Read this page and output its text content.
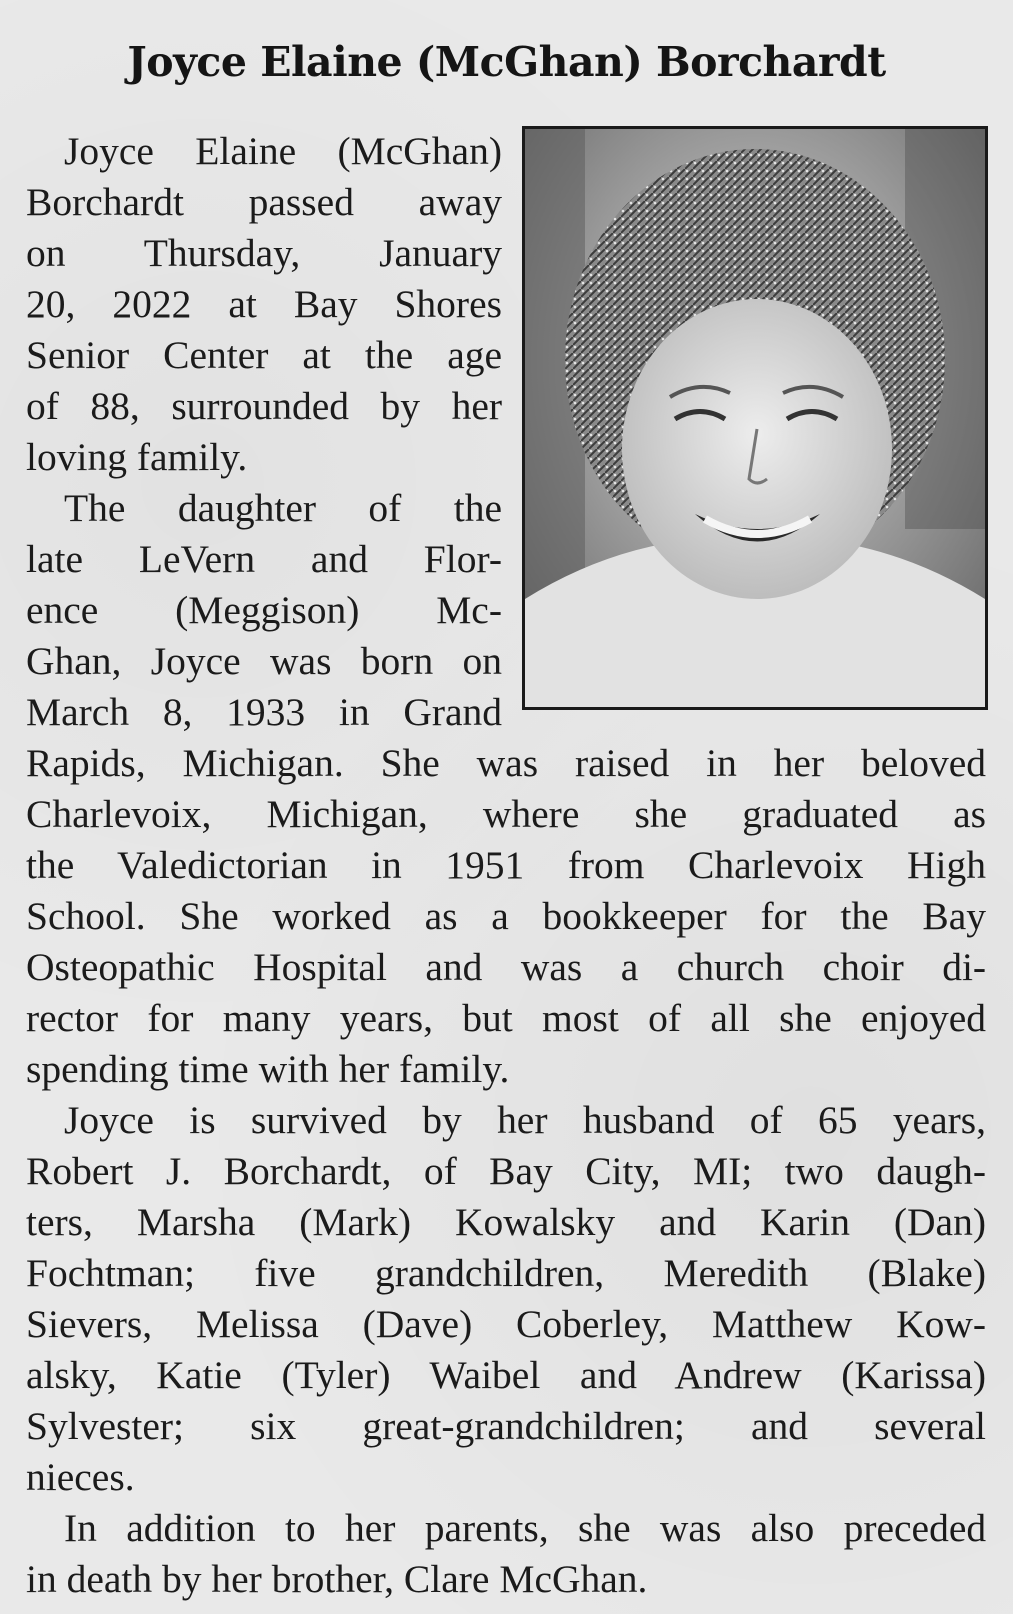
Joyce Elaine (McGhan) Borchardt
Joyce Elaine (McGhan)
Borchardt passed away
on Thursday, January
20, 2022 at Bay Shores
Senior Center at the age
of 88, surrounded by her
loving family.
The daughter of the
late LeVern and Flor-
ence (Meggison) Mc-
Ghan, Joyce was born on
March 8, 1933 in Grand
Rapids, Michigan. She was raised in her beloved
Charlevoix, Michigan, where she graduated as
the Valedictorian in 1951 from Charlevoix High
School. She worked as a bookkeeper for the Bay
Osteopathic Hospital and was a church choir di-
rector for many years, but most of all she enjoyed
spending time with her family.
Joyce is survived by her husband of 65 years,
Robert J. Borchardt, of Bay City, MI; two daugh-
ters, Marsha (Mark) Kowalsky and Karin (Dan)
Fochtman; five grandchildren, Meredith (Blake)
Sievers, Melissa (Dave) Coberley, Matthew Kow-
alsky, Katie (Tyler) Waibel and Andrew (Karissa)
Sylvester; six great-grandchildren; and several
nieces.
In addition to her parents, she was also preceded
in death by her brother, Clare McGhan.
